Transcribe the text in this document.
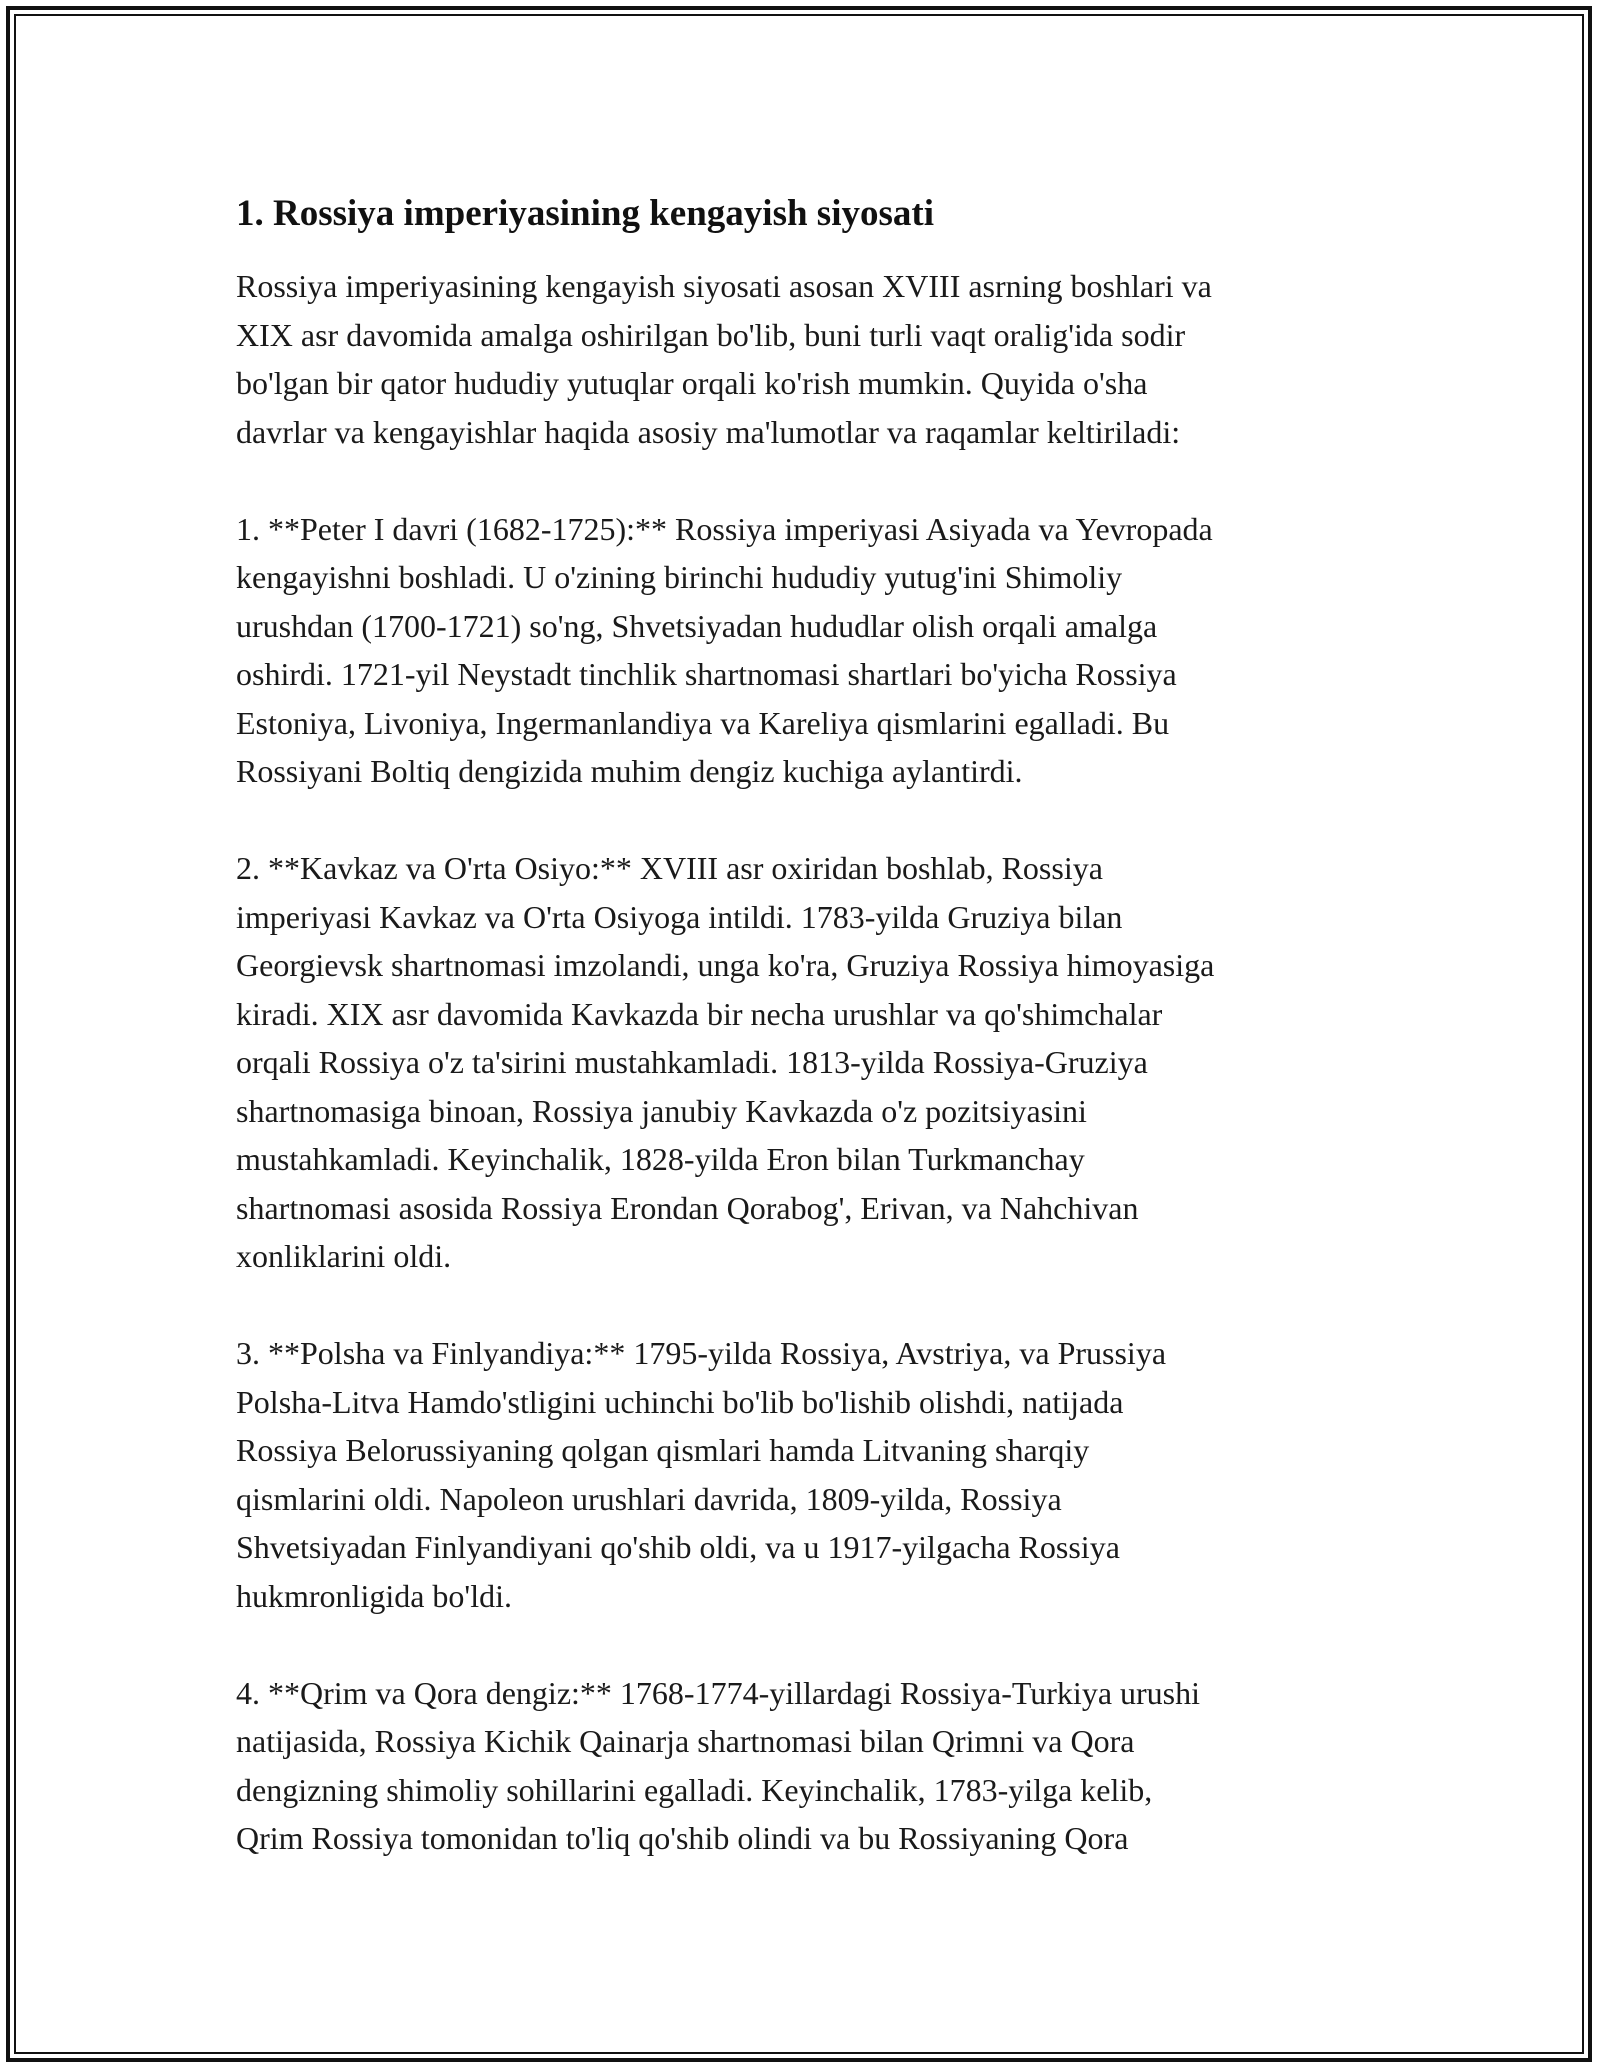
1. Rossiya imperiyasining kengayish siyosati
Rossiya imperiyasining kengayish siyosati asosan XVIII asrning boshlari va
XIX asr davomida amalga oshirilgan bo'lib, buni turli vaqt oralig'ida sodir
bo'lgan bir qator hududiy yutuqlar orqali ko'rish mumkin. Quyida o'sha
davrlar va kengayishlar haqida asosiy ma'lumotlar va raqamlar keltiriladi:
1. **Peter I davri (1682-1725):** Rossiya imperiyasi Asiyada va Yevropada
kengayishni boshladi. U o'zining birinchi hududiy yutug'ini Shimoliy
urushdan (1700-1721) so'ng, Shvetsiyadan hududlar olish orqali amalga
oshirdi. 1721-yil Neystadt tinchlik shartnomasi shartlari bo'yicha Rossiya
Estoniya, Livoniya, Ingermanlandiya va Kareliya qismlarini egalladi. Bu
Rossiyani Boltiq dengizida muhim dengiz kuchiga aylantirdi.
2. **Kavkaz va O'rta Osiyo:** XVIII asr oxiridan boshlab, Rossiya
imperiyasi Kavkaz va O'rta Osiyoga intildi. 1783-yilda Gruziya bilan
Georgievsk shartnomasi imzolandi, unga ko'ra, Gruziya Rossiya himoyasiga
kiradi. XIX asr davomida Kavkazda bir necha urushlar va qo'shimchalar
orqali Rossiya o'z ta'sirini mustahkamladi. 1813-yilda Rossiya-Gruziya
shartnomasiga binoan, Rossiya janubiy Kavkazda o'z pozitsiyasini
mustahkamladi. Keyinchalik, 1828-yilda Eron bilan Turkmanchay
shartnomasi asosida Rossiya Erondan Qorabog', Erivan, va Nahchivan
xonliklarini oldi.
3. **Polsha va Finlyandiya:** 1795-yilda Rossiya, Avstriya, va Prussiya
Polsha-Litva Hamdo'stligini uchinchi bo'lib bo'lishib olishdi, natijada
Rossiya Belorussiyaning qolgan qismlari hamda Litvaning sharqiy
qismlarini oldi. Napoleon urushlari davrida, 1809-yilda, Rossiya
Shvetsiyadan Finlyandiyani qo'shib oldi, va u 1917-yilgacha Rossiya
hukmronligida bo'ldi.
4. **Qrim va Qora dengiz:** 1768-1774-yillardagi Rossiya-Turkiya urushi
natijasida, Rossiya Kichik Qainarja shartnomasi bilan Qrimni va Qora
dengizning shimoliy sohillarini egalladi. Keyinchalik, 1783-yilga kelib,
Qrim Rossiya tomonidan to'liq qo'shib olindi va bu Rossiyaning Qora
